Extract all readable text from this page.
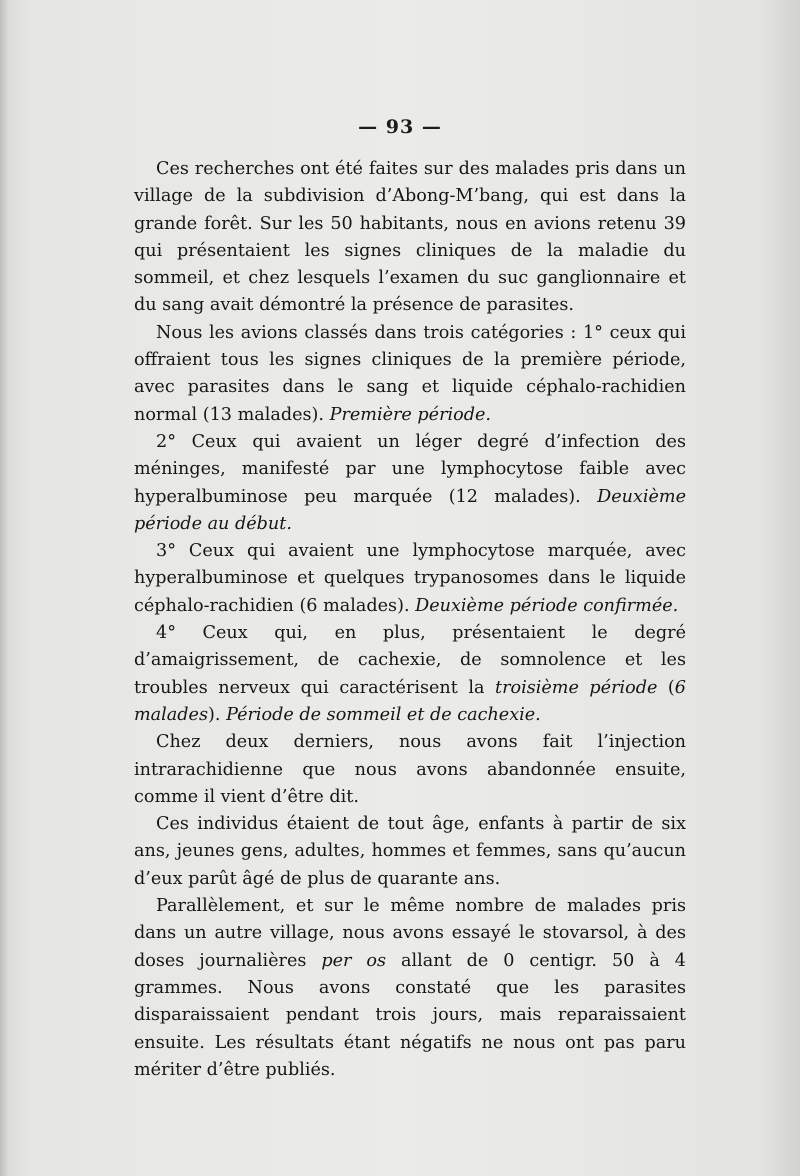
— 93 —

Ces recherches ont été faites sur des malades pris dans un village de la subdivision d’Abong-M’bang, qui est dans la grande forêt. Sur les 50 habitants, nous en avions retenu 39 qui présentaient les signes cliniques de la maladie du sommeil, et chez lesquels l’examen du suc ganglionnaire et du sang avait démontré la présence de parasites.

Nous les avions classés dans trois catégories : 1° ceux qui offraient tous les signes cliniques de la première période, avec parasites dans le sang et liquide céphalo-rachidien normal (13 malades). Première période.

2° Ceux qui avaient un léger degré d’infection des méninges, manifesté par une lymphocytose faible avec hyperalbuminose peu marquée (12 malades). Deuxième période au début.

3° Ceux qui avaient une lymphocytose marquée, avec hyperalbuminose et quelques trypanosomes dans le liquide céphalo-rachidien (6 malades). Deuxième période confirmée.

4° Ceux qui, en plus, présentaient le degré d’amaigrissement, de cachexie, de somnolence et les troubles nerveux qui caractérisent la troisième période (6 malades). Période de sommeil et de cachexie.

Chez deux derniers, nous avons fait l’injection intrarachidienne que nous avons abandonnée ensuite, comme il vient d’être dit.

Ces individus étaient de tout âge, enfants à partir de six ans, jeunes gens, adultes, hommes et femmes, sans qu’aucun d’eux parût âgé de plus de quarante ans.

Parallèlement, et sur le même nombre de malades pris dans un autre village, nous avons essayé le stovarsol, à des doses journalières per os allant de 0 centigr. 50 à 4 grammes. Nous avons constaté que les parasites disparaissaient pendant trois jours, mais reparaissaient ensuite. Les résultats étant négatifs ne nous ont pas paru mériter d’être publiés.
